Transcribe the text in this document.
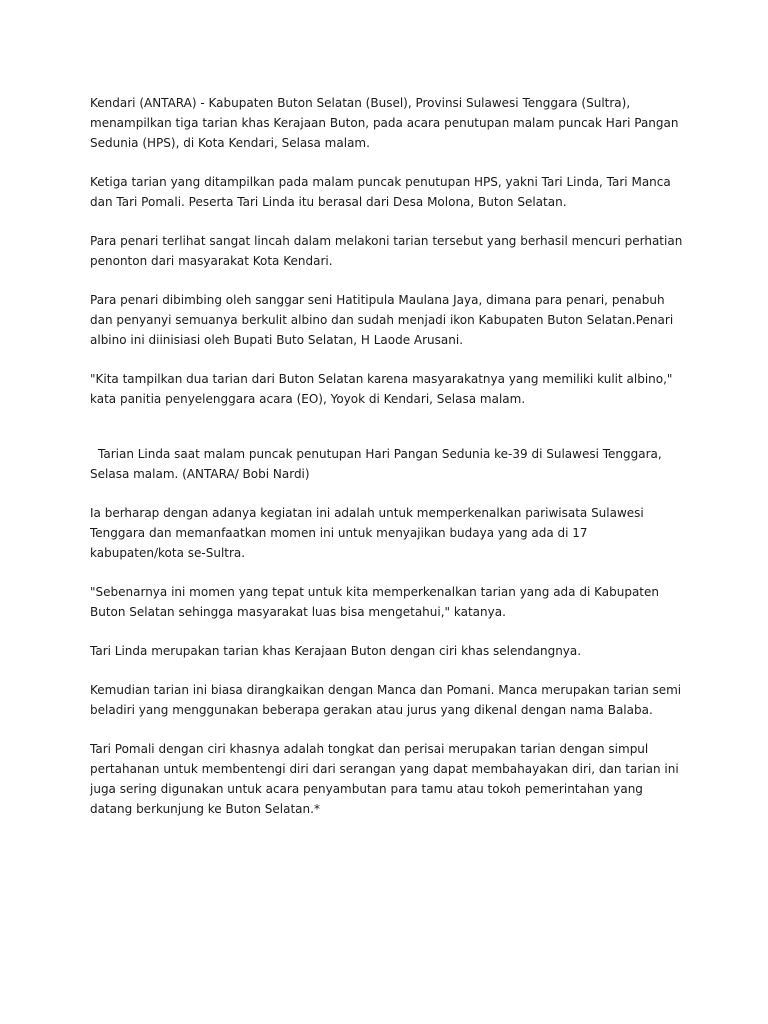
Kendari (ANTARA) - Kabupaten Buton Selatan (Busel), Provinsi Sulawesi Tenggara (Sultra), menampilkan tiga tarian khas Kerajaan Buton, pada acara penutupan malam puncak Hari Pangan Sedunia (HPS), di Kota Kendari, Selasa malam.

Ketiga tarian yang ditampilkan pada malam puncak penutupan HPS, yakni Tari Linda, Tari Manca dan Tari Pomali. Peserta Tari Linda itu berasal dari Desa Molona, Buton Selatan.

Para penari terlihat sangat lincah dalam melakoni tarian tersebut yang berhasil mencuri perhatian penonton dari masyarakat Kota Kendari.

Para penari dibimbing oleh sanggar seni Hatitipula Maulana Jaya, dimana para penari, penabuh dan penyanyi semuanya berkulit albino dan sudah menjadi ikon Kabupaten Buton Selatan.Penari albino ini diinisiasi oleh Bupati Buto Selatan, H Laode Arusani.

"Kita tampilkan dua tarian dari Buton Selatan karena masyarakatnya yang memiliki kulit albino," kata panitia penyelenggara acara (EO), Yoyok di Kendari, Selasa malam.

Tarian Linda saat malam puncak penutupan Hari Pangan Sedunia ke-39 di Sulawesi Tenggara, Selasa malam. (ANTARA/ Bobi Nardi)

Ia berharap dengan adanya kegiatan ini adalah untuk memperkenalkan pariwisata Sulawesi Tenggara dan memanfaatkan momen ini untuk menyajikan budaya yang ada di 17 kabupaten/kota se-Sultra.

"Sebenarnya ini momen yang tepat untuk kita memperkenalkan tarian yang ada di Kabupaten Buton Selatan sehingga masyarakat luas bisa mengetahui," katanya.

Tari Linda merupakan tarian khas Kerajaan Buton dengan ciri khas selendangnya.

Kemudian tarian ini biasa dirangkaikan dengan Manca dan Pomani. Manca merupakan tarian semi beladiri yang menggunakan beberapa gerakan atau jurus yang dikenal dengan nama Balaba.

Tari Pomali dengan ciri khasnya adalah tongkat dan perisai merupakan tarian dengan simpul pertahanan untuk membentengi diri dari serangan yang dapat membahayakan diri, dan tarian ini juga sering digunakan untuk acara penyambutan para tamu atau tokoh pemerintahan yang datang berkunjung ke Buton Selatan.*
